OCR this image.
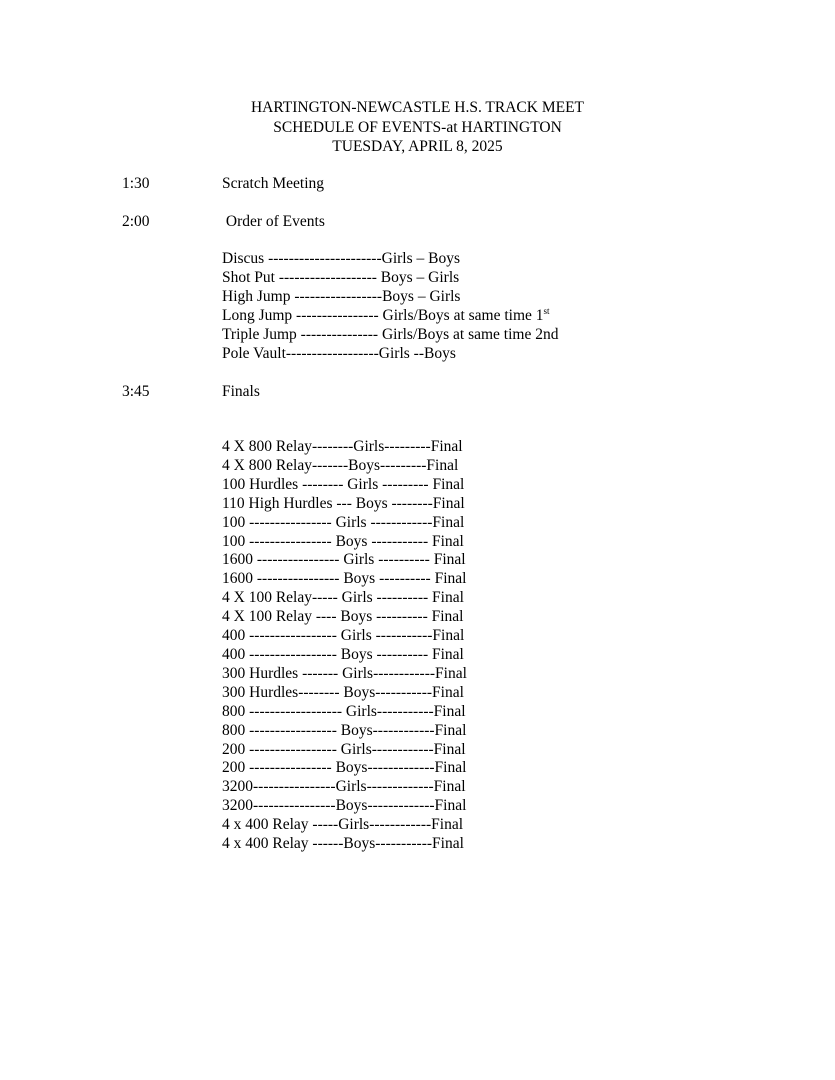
HARTINGTON-NEWCASTLE H.S. TRACK MEET
SCHEDULE OF EVENTS-at HARTINGTON
TUESDAY, APRIL 8, 2025
1:30	Scratch Meeting
2:00	Order of Events
Discus ----------------------Girls – Boys
Shot Put ------------------- Boys – Girls
High Jump -----------------Boys – Girls
Long Jump ---------------- Girls/Boys at same time 1st
Triple Jump --------------- Girls/Boys at same time 2nd
Pole Vault------------------Girls --Boys
3:45	Finals
4 X 800 Relay--------Girls---------Final
4 X 800 Relay-------Boys---------Final
100 Hurdles -------- Girls --------- Final
110 High Hurdles --- Boys --------Final
100 ---------------- Girls ------------Final
100 ---------------- Boys ----------- Final
1600 ---------------- Girls ---------- Final
1600 ---------------- Boys ---------- Final
4 X 100 Relay----- Girls ---------- Final
4 X 100 Relay ---- Boys ---------- Final
400 ----------------- Girls -----------Final
400 ----------------- Boys ---------- Final
300 Hurdles ------- Girls------------Final
300 Hurdles-------- Boys-----------Final
800 ------------------ Girls-----------Final
800 ----------------- Boys------------Final
200 ----------------- Girls------------Final
200 ---------------- Boys-------------Final
3200----------------Girls-------------Final
3200----------------Boys-------------Final
4 x 400 Relay -----Girls------------Final
4 x 400 Relay ------Boys-----------Final
